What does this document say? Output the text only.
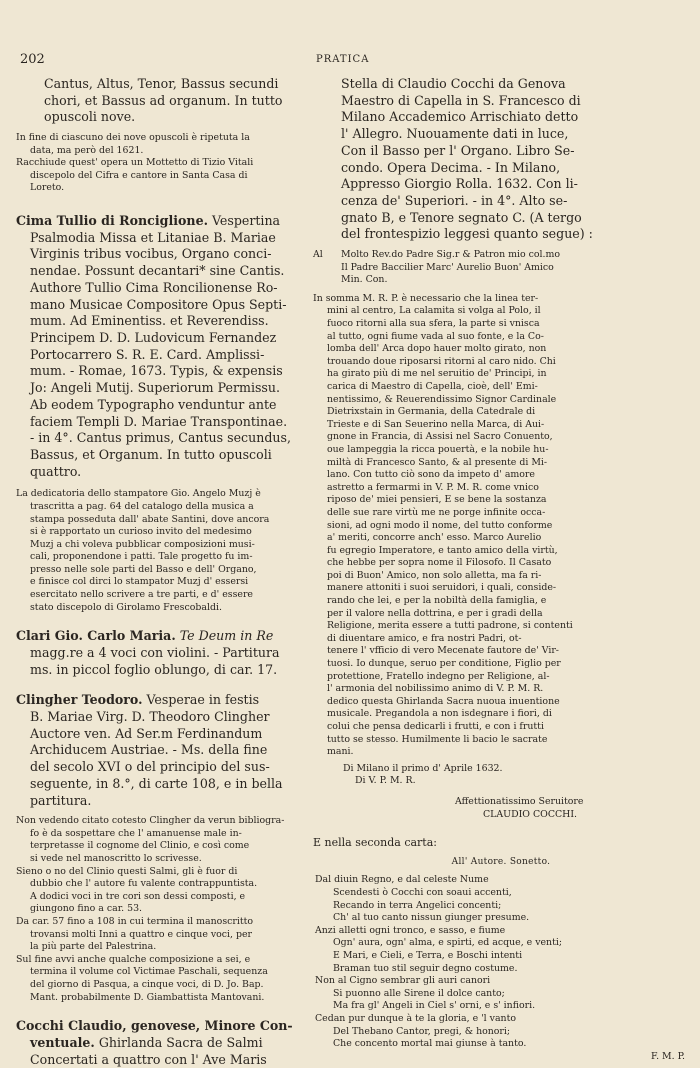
202	PRATICA

Cantus, Altus, Tenor, Bassus secundi

chori, et Bassus ad organum. In tutto

opuscoli nove.

In fine di ciascuno dei nove opuscoli è ripetuta la

data, ma però del 1621.

Racchiude quest' opera un Mottetto di Tizio Vitali

discepolo del Cifra e cantore in Santa Casa di

Loreto.

Cima Tullio di Ronciglione. Vespertina

Psalmodia Missa et Litaniae B. Mariae

Virginis tribus vocibus, Organo conci-

nendae. Possunt decantari* sine Cantis.

Authore Tullio Cima Roncilionense Ro-

mano Musicae Compositore Opus Septi-

mum. Ad Eminentiss. et Reverendiss.

Principem D. D. Ludovicum Fernandez

Portocarrero S. R. E. Card. Amplissi-

mum. - Romae, 1673. Typis, & expensis

Jo: Angeli Mutij. Superiorum Permissu.

Ab eodem Typographo venduntur ante

faciem Templi D. Mariae Transpontinae.

- in 4°. Cantus primus, Cantus secundus,

Bassus, et Organum. In tutto opuscoli

quattro.

La dedicatoria dello stampatore Gio. Angelo Muzj è

trascritta a pag. 64 del catalogo della musica a

stampa posseduta dall' abate Santini, dove ancora

si è rapportato un curioso invito del medesimo

Muzj a chi voleva pubblicar composizioni musi-

cali, proponendone i patti. Tale progetto fu im-

presso nelle sole parti del Basso e dell' Organo,

e finisce col dirci lo stampator Muzj d' essersi

esercitato nello scrivere a tre parti, e d' essere

stato discepolo di Girolamo Frescobaldi.

Clari Gio. Carlo Maria. Te Deum in Re

magg.re a 4 voci con violini. - Partitura

ms. in piccol foglio oblungo, di car. 17.

Clingher Teodoro. Vesperae in festis

B. Mariae Virg. D. Theodoro Clingher

Auctore ven. Ad Ser.m Ferdinandum

Archiducem Austriae. - Ms. della fine

del secolo XVI o del principio del sus-

seguente, in 8.°, di carte 108, e in bella

partitura.

Non vedendo citato cotesto Clingher da verun bibliogra-

fo è da sospettare che l' amanuense male in-

terpretasse il cognome del Clinio, e così come

si vede nel manoscritto lo scrivesse.

Sieno o no del Clinio questi Salmi, gli è fuor di

dubbio che l' autore fu valente contrappuntista.

A dodici voci in tre cori son dessi composti, e

giungono fino a car. 53.

Da car. 57 fino a 108 in cui termina il manoscritto

trovansi molti Inni a quattro e cinque voci, per

la più parte del Palestrina.

Sul fine avvi anche qualche composizione a sei, e

termina il volume col Victimae Paschali, sequenza

del giorno di Pasqua, a cinque voci, di D. Jo. Bap.

Mant. probabilmente D. Giambattista Mantovani.

Cocchi Claudio, genovese, Minore Con-

ventuale. Ghirlanda Sacra de Salmi

Concertati a quattro con l' Ave Maris

Stella di Claudio Cocchi da Genova

Maestro di Capella in S. Francesco di

Milano Accademico Arrischiato detto

l' Allegro. Nuouamente dati in luce,

Con il Basso per l' Organo. Libro Se-

condo. Opera Decima. - In Milano,

Appresso Giorgio Rolla. 1632. Con li-

cenza de' Superiori. - in 4°. Alto se-

gnato B, e Tenore segnato C. (A tergo

del frontespizio leggesi quanto segue) :

Al	Molto Rev.do Padre Sig.r & Patron mio col.mo

Il Padre Baccilier Marc' Aurelio Buon' Amico

Min. Con.

In somma M. R. P. è necessario che la linea ter-

mini al centro, La calamita si volga al Polo, il

fuoco ritorni alla sua sfera, la parte si vnisca

al tutto, ogni fiume vada al suo fonte, e la Co-

lomba dell' Arca dopo hauer molto girato, non

trouando doue riposarsi ritorni al caro nido. Chi

ha girato più di me nel seruitio de' Principi, in

carica di Maestro di Capella, cioè, dell' Emi-

nentissimo, & Reuerendissimo Signor Cardinale

Dietrixstain in Germania, della Catedrale di

Trieste e di San Seuerino nella Marca, di Aui-

gnone in Francia, di Assisi nel Sacro Conuento,

oue lampeggia la ricca pouertà, e la nobile hu-

miltà di Francesco Santo, & al presente di Mi-

lano. Con tutto ciò sono da impeto d' amore

astretto a fermarmi in V. P. M. R. come vnico

riposo de' miei pensieri, E se bene la sostanza

delle sue rare virtù me ne porge infinite occa-

sioni, ad ogni modo il nome, del tutto conforme

a' meriti, concorre anch' esso. Marco Aurelio

fu egregio Imperatore, e tanto amico della virtù,

che hebbe per sopra nome il Filosofo. Il Casato

poi di Buon' Amico, non solo alletta, ma fa ri-

manere attoniti i suoi seruidori, i quali, conside-

rando che lei, e per la nobiltà della famiglia, e

per il valore nella dottrina, e per i gradi della

Religione, merita essere a tutti padrone, si contenti

di diuentare amico, e fra nostri Padri, ot-

tenere l' vfficio di vero Mecenate fautore de' Vir-

tuosi. Io dunque, seruo per conditione, Figlio per

protettione, Fratello indegno per Religione, al-

l' armonia del nobilissimo animo di V. P. M. R.

dedico questa Ghirlanda Sacra nuoua inuentione

musicale. Pregandola a non isdegnare i fiori, di

colui che pensa dedicarli i frutti, e con i frutti

tutto se stesso. Humilmente li bacio le sacrate

mani.

Di Milano il primo d' Aprile 1632.

Di V. P. M. R.

Affettionatissimo Seruitore

CLAUDIO COCCHI.

E nella seconda carta:

All' Autore. Sonetto.

Dal diuin Regno, e dal celeste Nume

Scendesti ò Cocchi con soaui accenti,

Recando in terra Angelici concenti;

Ch' al tuo canto nissun giunger presume.

Anzi alletti ogni tronco, e sasso, e fiume

Ogn' aura, ogn' alma, e spirti, ed acque, e venti;

E Mari, e Cieli, e Terra, e Boschi intenti

Braman tuo stil seguir degno costume.

Non al Cigno sembrar gli auri canori

Si puonno alle Sirene il dolce canto;

Ma fra gl' Angeli in Ciel s' orni, e s' infiori.

Cedan pur dunque à te la gloria, e 'l vanto

Del Thebano Cantor, pregi, & honori;

Che concento mortal mai giunse à tanto.

F. M. P.
